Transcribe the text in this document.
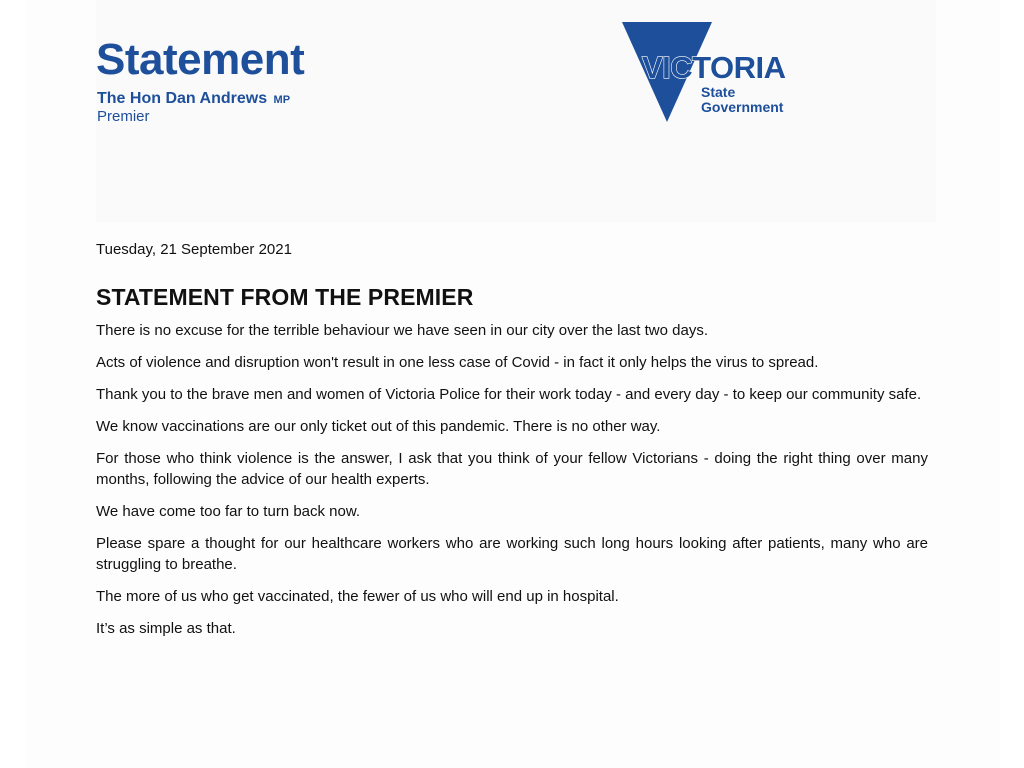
Statement
The Hon Dan Andrews MP
Premier
VICTORIA
State
Government

Tuesday, 21 September 2021

STATEMENT FROM THE PREMIER

There is no excuse for the terrible behaviour we have seen in our city over the last two days.

Acts of violence and disruption won't result in one less case of Covid - in fact it only helps the virus to spread.

Thank you to the brave men and women of Victoria Police for their work today - and every day - to keep our community safe.

We know vaccinations are our only ticket out of this pandemic. There is no other way.

For those who think violence is the answer, I ask that you think of your fellow Victorians - doing the right thing over many months, following the advice of our health experts.

We have come too far to turn back now.

Please spare a thought for our healthcare workers who are working such long hours looking after patients, many who are struggling to breathe.

The more of us who get vaccinated, the fewer of us who will end up in hospital.

It’s as simple as that.
